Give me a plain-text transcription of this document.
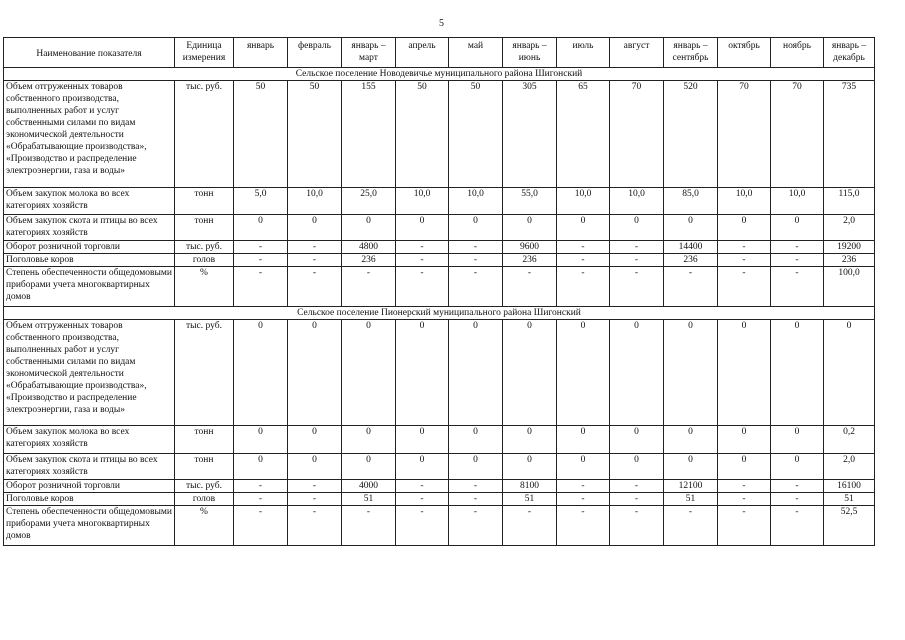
5
Наименование показателя	Единица измерения	январь	февраль	январь – март	апрель	май	январь – июнь	июль	август	январь – сентябрь	октябрь	ноябрь	январь – декабрь
Сельское поселение Новодевичье муниципального района Шигонский													
Объем отгруженных товаров собственного производства, выполненных работ и услуг собственными силами по видам экономической деятельности «Обрабатывающие производства», «Производство и распределение электроэнергии, газа и воды»	тыс. руб.	50	50	155	50	50	305	65	70	520	70	70	735
Объем закупок молока во всех категориях хозяйств	тонн	5,0	10,0	25,0	10,0	10,0	55,0	10,0	10,0	85,0	10,0	10,0	115,0
Объем закупок скота и птицы во всех категориях хозяйств	тонн	0	0	0	0	0	0	0	0	0	0	0	2,0
Оборот розничной торговли	тыс. руб.	-	-	4800	-	-	9600	-	-	14400	-	-	19200
Поголовье коров	голов	-	-	236	-	-	236	-	-	236	-	-	236
Степень обеспеченности общедомовыми приборами учета многоквартирных домов	%	-	-	-	-	-	-	-	-	-	-	-	100,0
Сельское поселение Пионерский муниципального района Шигонский													
Объем отгруженных товаров собственного производства, выполненных работ и услуг собственными силами по видам экономической деятельности «Обрабатывающие производства», «Производство и распределение электроэнергии, газа и воды»	тыс. руб.	0	0	0	0	0	0	0	0	0	0	0	0
Объем закупок молока во всех категориях хозяйств	тонн	0	0	0	0	0	0	0	0	0	0	0	0,2
Объем закупок скота и птицы во всех категориях хозяйств	тонн	0	0	0	0	0	0	0	0	0	0	0	2,0
Оборот розничной торговли	тыс. руб.	-	-	4000	-	-	8100	-	-	12100	-	-	16100
Поголовье коров	голов	-	-	51	-	-	51	-	-	51	-	-	51
Степень обеспеченности общедомовыми приборами учета многоквартирных домов	%	-	-	-	-	-	-	-	-	-	-	-	52,5
